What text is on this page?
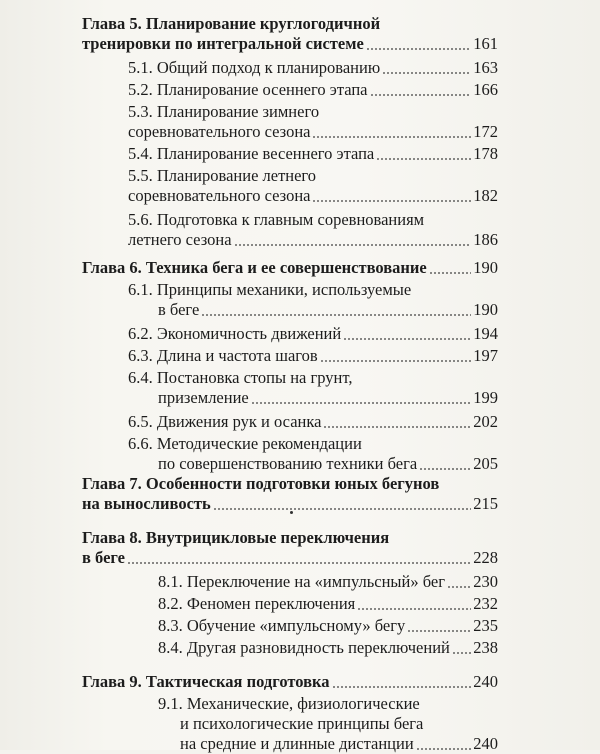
Глава 5. Планирование круглогодичной
тренировки по интегральной системе	161
5.1. Общий подход к планированию	163
5.2. Планирование осеннего этапа	166
5.3. Планирование зимнего
соревновательного сезона	172
5.4. Планирование весеннего этапа	178
5.5. Планирование летнего
соревновательного сезона	182
5.6. Подготовка к главным соревнованиям
летнего сезона	186
Глава 6. Техника бега и ее совершенствование	190
6.1. Принципы механики, используемые
в беге	190
6.2. Экономичность движений	194
6.3. Длина и частота шагов	197
6.4. Постановка стопы на грунт,
приземление	199
6.5. Движения рук и осанка	202
6.6. Методические рекомендации
по совершенствованию техники бега	205
Глава 7. Особенности подготовки юных бегунов
на выносливость	215
Глава 8. Внутрицикловые переключения
в беге	228
8.1. Переключение на «импульсный» бег 230
8.2. Феномен переключения	232
8.3. Обучение «импульсному» бегу	235
8.4. Другая разновидность переключений 238
Глава 9. Тактическая подготовка	240
9.1. Механические, физиологические
и психологические принципы бега
на средние и длинные дистанции	240
